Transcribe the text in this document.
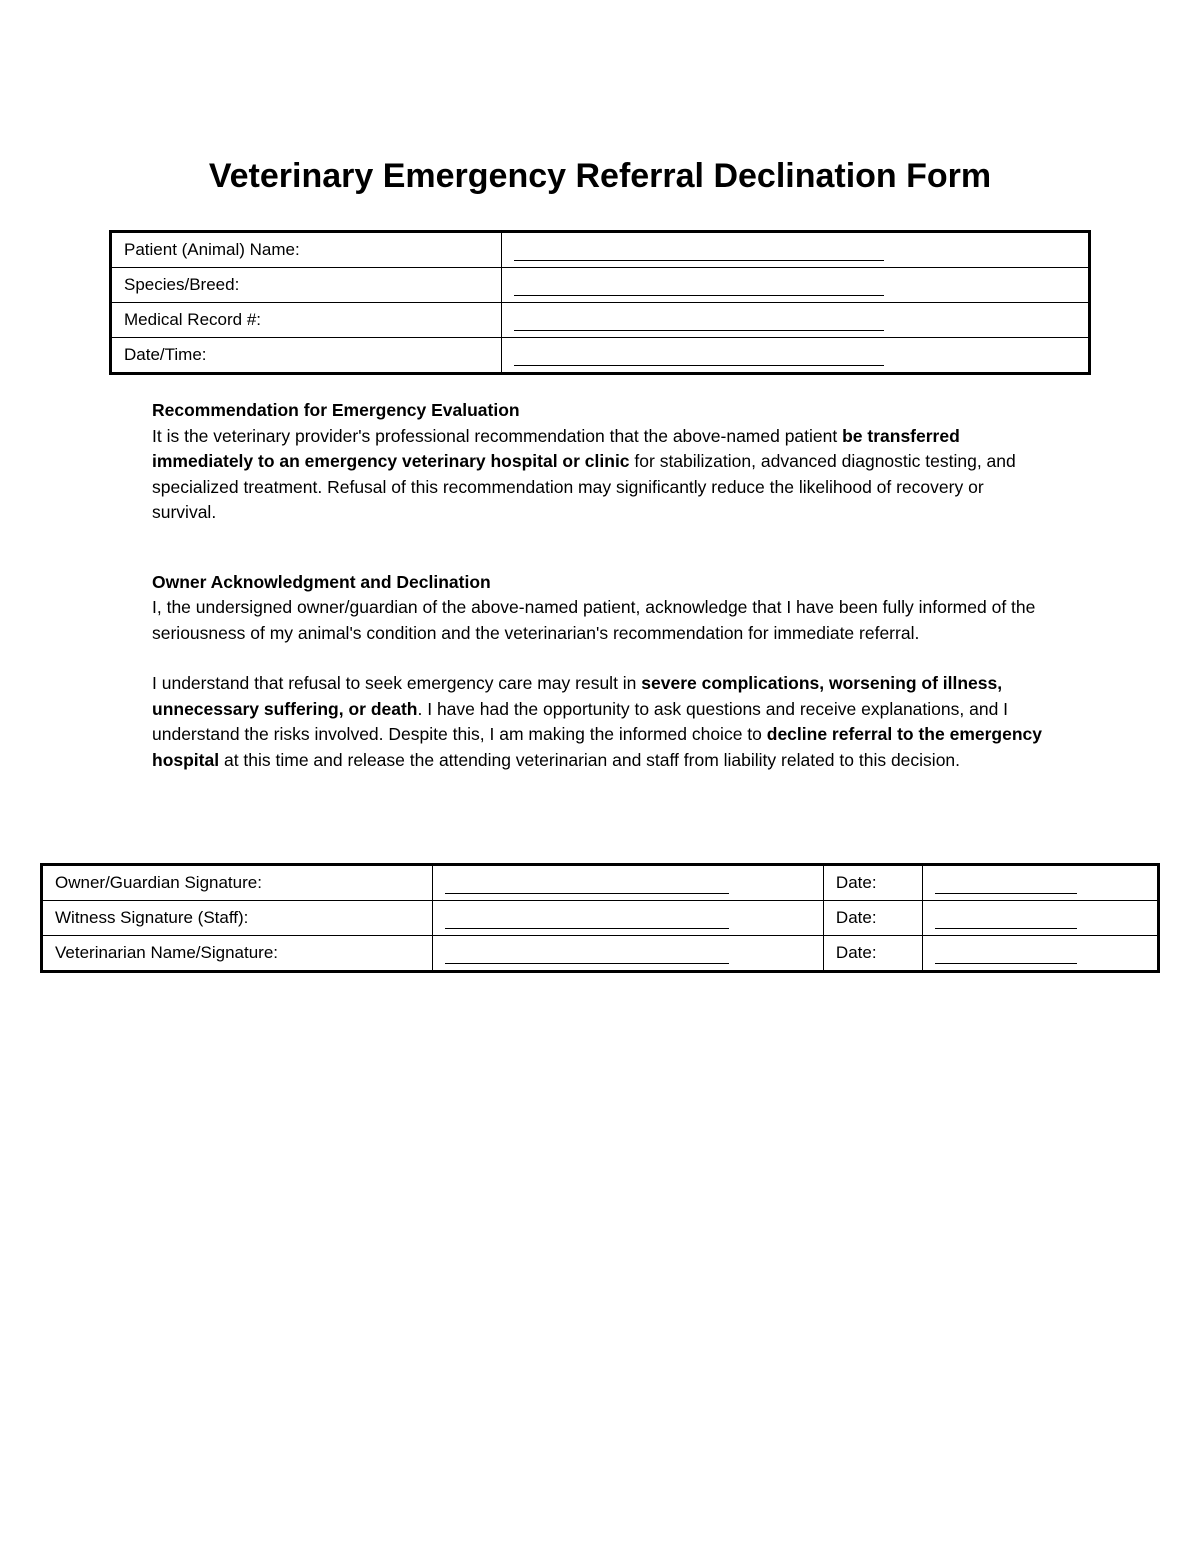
Veterinary Emergency Referral Declination Form
Patient (Animal) Name:	
Species/Breed:	
Medical Record #:	
Date/Time:	

Recommendation for Emergency Evaluation

It is the veterinary provider's professional recommendation that the above-named patient be transferred immediately to an emergency veterinary hospital or clinic for stabilization, advanced diagnostic testing, and specialized treatment. Refusal of this recommendation may significantly reduce the likelihood of recovery or survival.

Owner Acknowledgment and Declination

I, the undersigned owner/guardian of the above-named patient, acknowledge that I have been fully informed of the seriousness of my animal's condition and the veterinarian's recommendation for immediate referral.

I understand that refusal to seek emergency care may result in severe complications, worsening of illness, unnecessary suffering, or death. I have had the opportunity to ask questions and receive explanations, and I understand the risks involved. Despite this, I am making the informed choice to decline referral to the emergency hospital at this time and release the attending veterinarian and staff from liability related to this decision.

Owner/Guardian Signature:		Date:	
Witness Signature (Staff):		Date:	
Veterinarian Name/Signature:		Date:	
